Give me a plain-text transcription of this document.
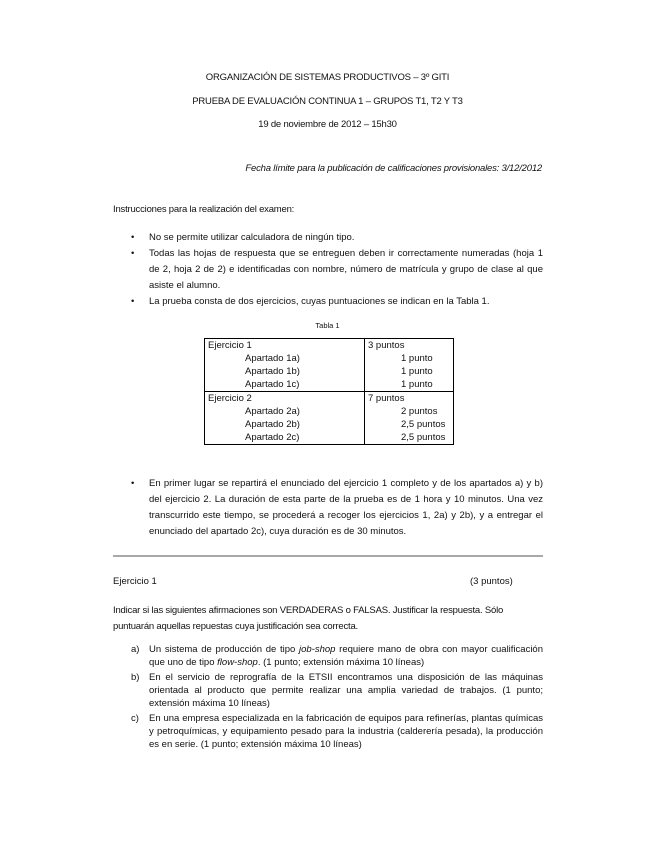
ORGANIZACIÓN DE SISTEMAS PRODUCTIVOS – 3º GITI
PRUEBA DE EVALUACIÓN CONTINUA 1 – GRUPOS T1, T2 Y T3
19 de noviembre de 2012 – 15h30
Fecha límite para la publicación de calificaciones provisionales: 3/12/2012
Instrucciones para la realización del examen:
• No se permite utilizar calculadora de ningún tipo.
• Todas las hojas de respuesta que se entreguen deben ir correctamente numeradas (hoja 1 de 2, hoja 2 de 2) e identificadas con nombre, número de matrícula y grupo de clase al que asiste el alumno.
• La prueba consta de dos ejercicios, cuyas puntuaciones se indican en la Tabla 1.
Tabla 1
Ejercicio 1	3 puntos
Apartado 1a)	1 punto
Apartado 1b)	1 punto
Apartado 1c)	1 punto
Ejercicio 2	7 puntos
Apartado 2a)	2 puntos
Apartado 2b)	2,5 puntos
Apartado 2c)	2,5 puntos
• En primer lugar se repartirá el enunciado del ejercicio 1 completo y de los apartados a) y b) del ejercicio 2. La duración de esta parte de la prueba es de 1 hora y 10 minutos. Una vez transcurrido este tiempo, se procederá a recoger los ejercicios 1, 2a) y 2b), y a entregar el enunciado del apartado 2c), cuya duración es de 30 minutos.
Ejercicio 1	(3 puntos)
Indicar si las siguientes afirmaciones son VERDADERAS o FALSAS. Justificar la respuesta. Sólo puntuarán aquellas repuestas cuya justificación sea correcta.
a) Un sistema de producción de tipo job-shop requiere mano de obra con mayor cualificación que uno de tipo flow-shop. (1 punto; extensión máxima 10 líneas)
b) En el servicio de reprografía de la ETSII encontramos una disposición de las máquinas orientada al producto que permite realizar una amplia variedad de trabajos. (1 punto; extensión máxima 10 líneas)
c) En una empresa especializada en la fabricación de equipos para refinerías, plantas químicas y petroquímicas, y equipamiento pesado para la industria (calderería pesada), la producción es en serie. (1 punto; extensión máxima 10 líneas)
